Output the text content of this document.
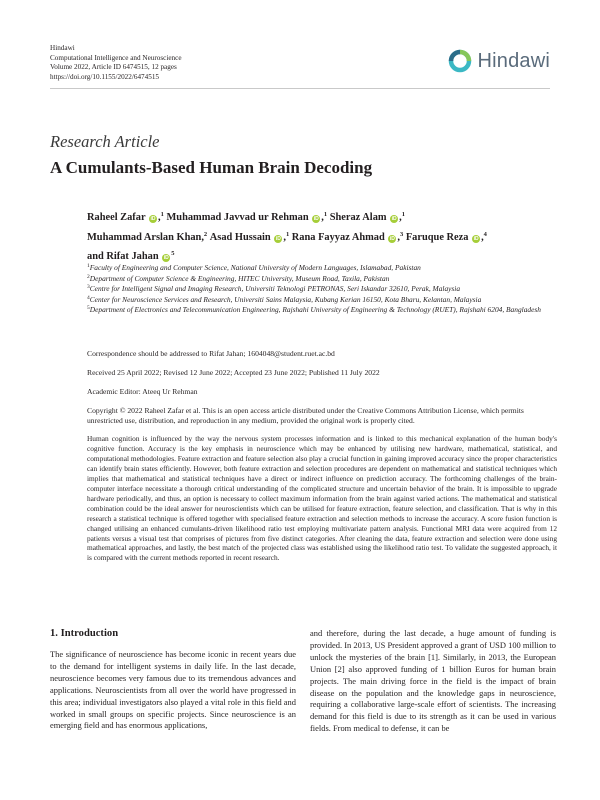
Hindawi
Computational Intelligence and Neuroscience
Volume 2022, Article ID 6474515, 12 pages
https://doi.org/10.1155/2022/6474515
Hindawi
Research Article
A Cumulants-Based Human Brain Decoding
Raheel Zafar iD ,$^1$ Muhammad Javvad ur Rehman iD ,$^1$ Sheraz Alam iD ,$^1$
Muhammad Arslan Khan,$^2$ Asad Hussain iD ,$^1$ Rana Fayyaz Ahmad iD ,$^3$ Faruque Reza iD ,$^4$
and Rifat Jahan $iD^5$
$^1$Faculty of Engineering and Computer Science, National University of Modern Languages, Islamabad, Pakistan
$^2$Department of Computer Science & Engineering, HITEC University, Museum Road, Taxila, Pakistan
$^3$Centre for Intelligent Signal and Imaging Research, Universiti Teknologi PETRONAS, Seri Iskandar 32610, Perak, Malaysia
$^4$Center for Neuroscience Services and Research, Universiti Sains Malaysia, Kubang Kerian 16150, Kota Bharu, Kelantan, Malaysia
$^5$Department of Electronics and Telecommunication Engineering, Rajshahi University of Engineering & Technology (RUET), Rajshahi 6204, Bangladesh
Correspondence should be addressed to Rifat Jahan; 1604048@student.ruet.ac.bd
Received 25 April 2022; Revised 12 June 2022; Accepted 23 June 2022; Published 11 July 2022
Academic Editor: Ateeq Ur Rehman
Copyright © 2022 Raheel Zafar et al. This is an open access article distributed under the Creative Commons Attribution License, which permits unrestricted use, distribution, and reproduction in any medium, provided the original work is properly cited.
Human cognition is influenced by the way the nervous system processes information and is linked to this mechanical explanation of the human body's cognitive function. Accuracy is the key emphasis in neuroscience which may be enhanced by utilising new hardware, mathematical, statistical, and computational methodologies. Feature extraction and feature selection also play a crucial function in gaining improved accuracy since the proper characteristics can identify brain states efficiently. However, both feature extraction and selection procedures are dependent on mathematical and statistical techniques which implies that mathematical and statistical techniques have a direct or indirect influence on prediction accuracy. The forthcoming challenges of the brain-computer interface necessitate a thorough critical understanding of the complicated structure and uncertain behavior of the brain. It is impossible to upgrade hardware periodically, and thus, an option is necessary to collect maximum information from the brain against varied actions. The mathematical and statistical combination could be the ideal answer for neuroscientists which can be utilised for feature extraction, feature selection, and classification. That is why in this research a statistical technique is offered together with specialised feature extraction and selection methods to increase the accuracy. A score fusion function is changed utilising an enhanced cumulants-driven likelihood ratio test employing multivariate pattern analysis. Functional MRI data were acquired from 12 patients versus a visual test that comprises of pictures from five distinct categories. After cleaning the data, feature extraction and selection were done using mathematical approaches, and lastly, the best match of the projected class was established using the likelihood ratio test. To validate the suggested approach, it is compared with the current methods reported in recent research.
1. Introduction
The significance of neuroscience has become iconic in recent years due to the demand for intelligent systems in daily life. In the last decade, neuroscience becomes very famous due to its tremendous advances and applications. Neuroscientists from all over the world have progressed in this area; individual investigators also played a vital role in this field and worked in small groups on specific projects. Since neuroscience is an emerging field and has enormous applications,
and therefore, during the last decade, a huge amount of funding is provided. In 2013, US President approved a grant of USD 100 million to unlock the mysteries of the brain [1]. Similarly, in 2013, the European Union [2] also approved funding of 1 billion Euros for human brain projects. The main driving force in the field is the impact of brain disease on the population and the knowledge gaps in neuroscience, requiring a collaborative large-scale effort of scientists. The increasing demand for this field is due to its strength as it can be used in various fields. From medical to defense, it can be
